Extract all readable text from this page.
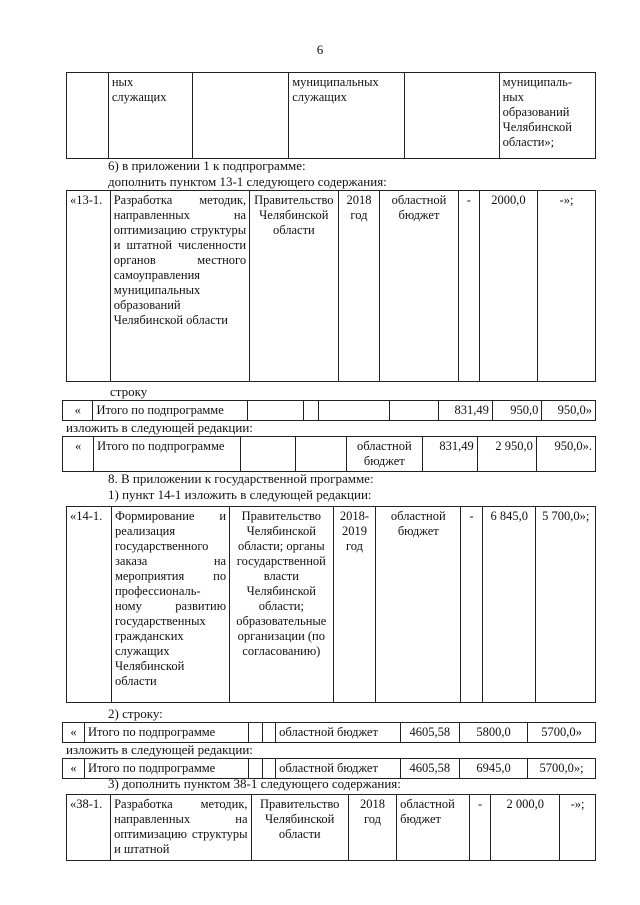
6
	ных служащих		муниципальных служащих		муниципаль-ных образований Челябинской области»;
6) в приложении 1 к подпрограмме:
дополнить пунктом 13-1 следующего содержания:
«13-1.	Разработка методик, направленных на оптимизацию структуры и штатной численности органов местного самоуправления муниципальных образований Челябинской области	Правительство Челябинской области	2018 год	областной бюджет	-	2000,0	-»;
строку
«	Итого по подпрограмме					831,49	950,0	950,0»
изложить в следующей редакции:
«	Итого по подпрограмме			областной бюджет	831,49	2 950,0	950,0».
8. В приложении к государственной программе:
1) пункт 14-1 изложить в следующей редакции:
«14-1.	Формирование и реализация государственного заказа на мероприятия по профессиональ-ному развитию государственных гражданских служащих Челябинской области	Правительство Челябинской области; органы государственной власти Челябинской области; образовательные организации (по согласованию)	2018-2019 год	областной бюджет	-	6 845,0	5 700,0»;
2) строку:
«	Итого по подпрограмме			областной бюджет	4605,58	5800,0	5700,0»
изложить в следующей редакции:
«	Итого по подпрограмме			областной бюджет	4605,58	6945,0	5700,0»;
3) дополнить пунктом 38-1 следующего содержания:
«38-1.	Разработка методик, направленных на оптимизацию структуры и штатной	Правительство Челябинской области	2018 год	областной бюджет	-	2 000,0	-»;
